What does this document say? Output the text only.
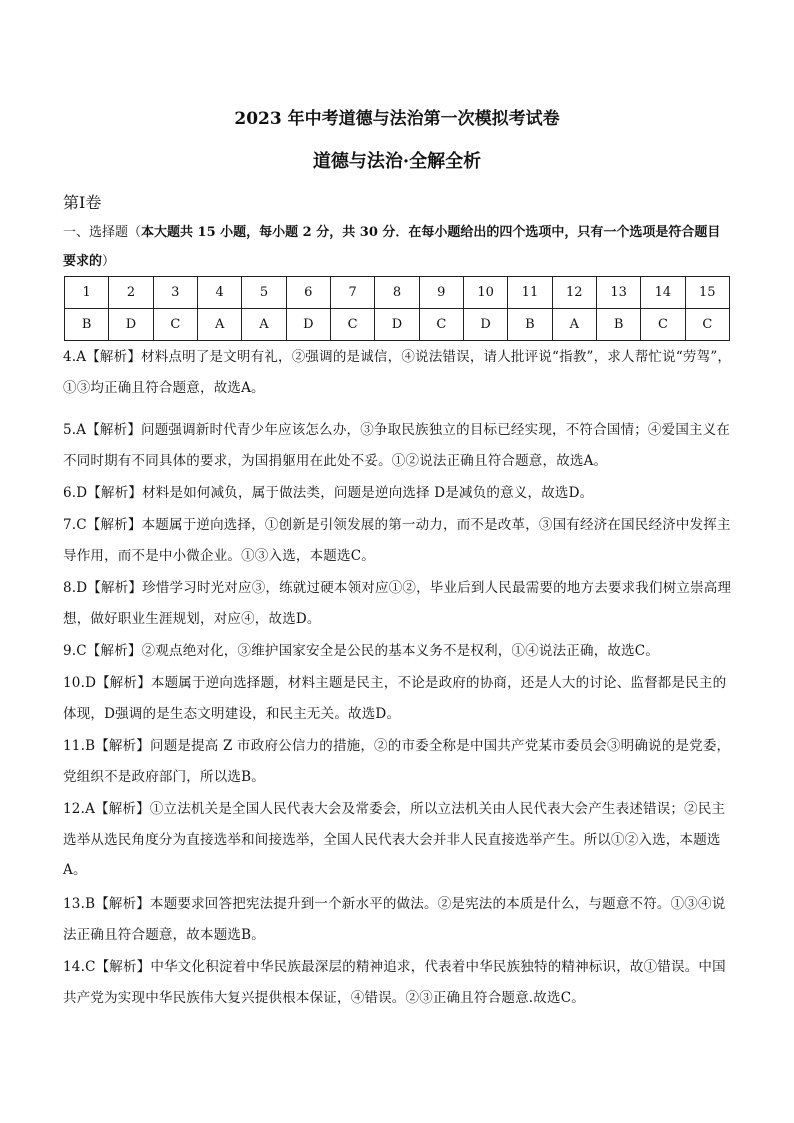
2023 年中考道德与法治第一次模拟考试卷
道德与法治·全解全析
第Ⅰ卷
一、选择题（本大题共 15 小题，每小题 2 分，共 30 分．在每小题给出的四个选项中，只有一个选项是符合题目要求的）
1	2	3	4	5	6	7	8	9	10	11	12	13	14	15
B	D	C	A	A	D	C	D	C	D	B	A	B	C	C
4.A【解析】材料点明了是文明有礼，②强调的是诚信，④说法错误，请人批评说“指教”，求人帮忙说“劳驾”，①③均正确且符合题意，故选A。
5.A【解析】问题强调新时代青少年应该怎么办，③争取民族独立的目标已经实现，不符合国情；④爱国主义在不同时期有不同具体的要求，为国捐躯用在此处不妥。①②说法正确且符合题意，故选A。
6.D【解析】材料是如何减负，属于做法类，问题是逆向选择 D是减负的意义，故选D。
7.C【解析】本题属于逆向选择，①创新是引领发展的第一动力，而不是改革，③国有经济在国民经济中发挥主导作用，而不是中小微企业。①③入选，本题选C。
8.D【解析】珍惜学习时光对应③，练就过硬本领对应①②，毕业后到人民最需要的地方去要求我们树立崇高理想，做好职业生涯规划，对应④，故选D。
9.C【解析】②观点绝对化，③维护国家安全是公民的基本义务不是权利，①④说法正确，故选C。
10.D【解析】本题属于逆向选择题，材料主题是民主，不论是政府的协商，还是人大的讨论、监督都是民主的体现，D强调的是生态文明建设，和民主无关。故选D。
11.B【解析】问题是提高 Z 市政府公信力的措施，②的市委全称是中国共产党某市委员会③明确说的是党委，党组织不是政府部门，所以选B。
12.A【解析】①立法机关是全国人民代表大会及常委会，所以立法机关由人民代表大会产生表述错误；②民主选举从选民角度分为直接选举和间接选举，全国人民代表大会并非人民直接选举产生。所以①②入选，本题选A。
13.B【解析】本题要求回答把宪法提升到一个新水平的做法。②是宪法的本质是什么，与题意不符。①③④说法正确且符合题意，故本题选B。
14.C【解析】中华文化积淀着中华民族最深层的精神追求，代表着中华民族独特的精神标识，故①错误。中国共产党为实现中华民族伟大复兴提供根本保证，④错误。②③正确且符合题意.故选C。
